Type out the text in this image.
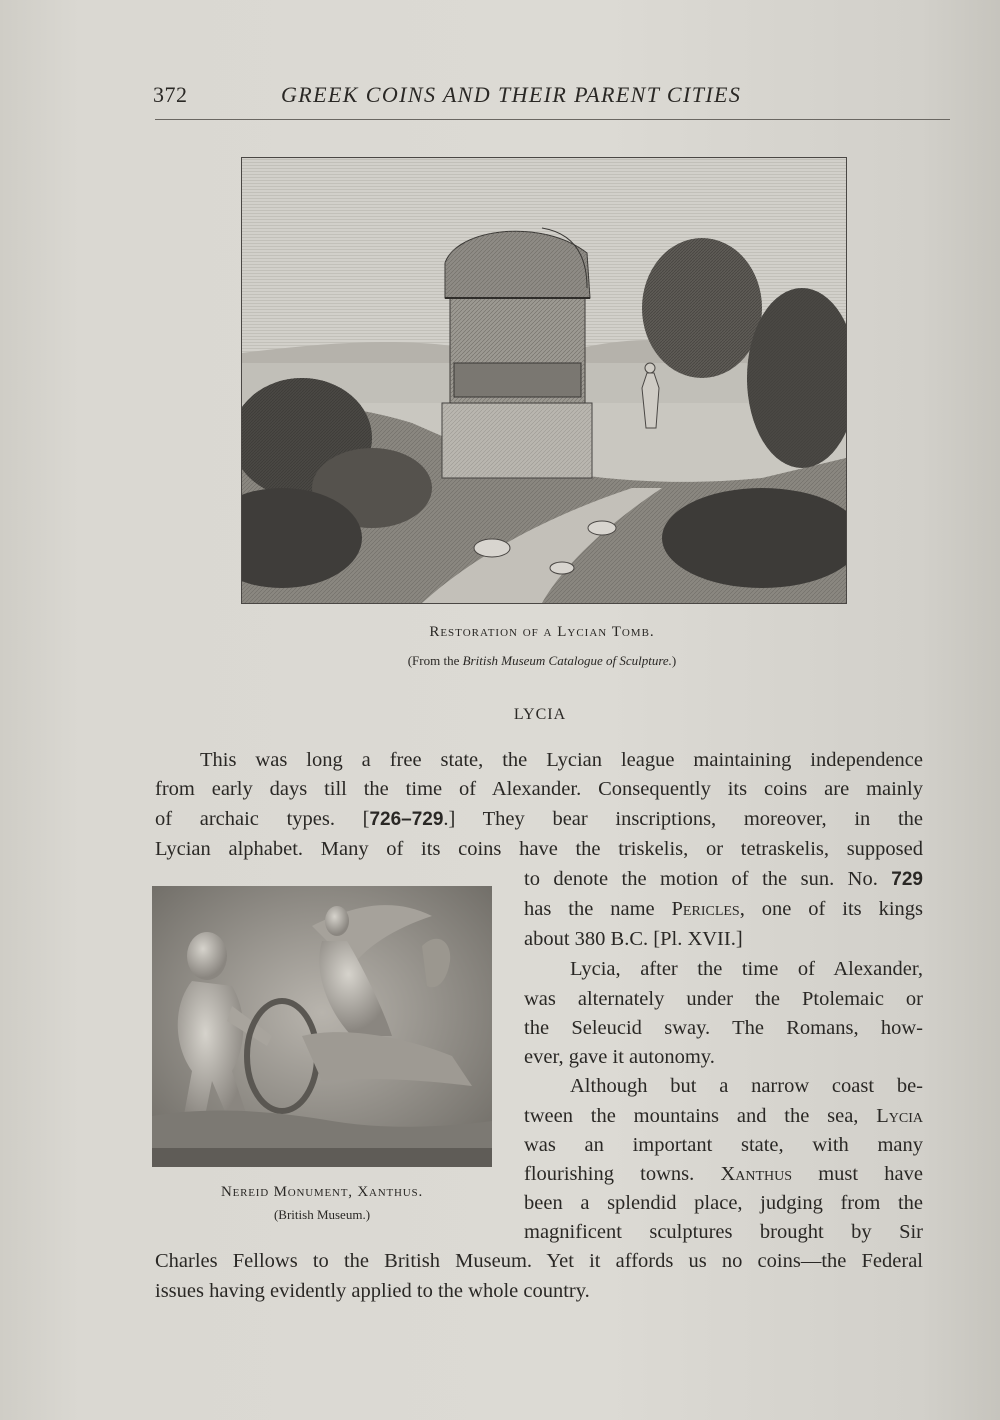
372	GREEK COINS AND THEIR PARENT CITIES
Restoration of a Lycian Tomb.
(From the British Museum Catalogue of Sculpture.)
LYCIA
This was long a free state, the Lycian league maintaining independence
from early days till the time of Alexander. Consequently its coins are mainly
of archaic types. [726–729.] They bear inscriptions, moreover, in the
Lycian alphabet. Many of its coins have the triskelis, or tetraskelis, supposed
to denote the motion of the sun. No. 729
has the name Pericles, one of its kings
about 380 B.C. [Pl. XVII.]
Lycia, after the time of Alexander,
was alternately under the Ptolemaic or
the Seleucid sway. The Romans, how-
ever, gave it autonomy.
Although but a narrow coast be-
tween the mountains and the sea, Lycia
was an important state, with many
flourishing towns. Xanthus must have
been a splendid place, judging from the
magnificent sculptures brought by Sir
Charles Fellows to the British Museum. Yet it affords us no coins—the Federal
issues having evidently applied to the whole country.
Nereid Monument, Xanthus.
(British Museum.)
